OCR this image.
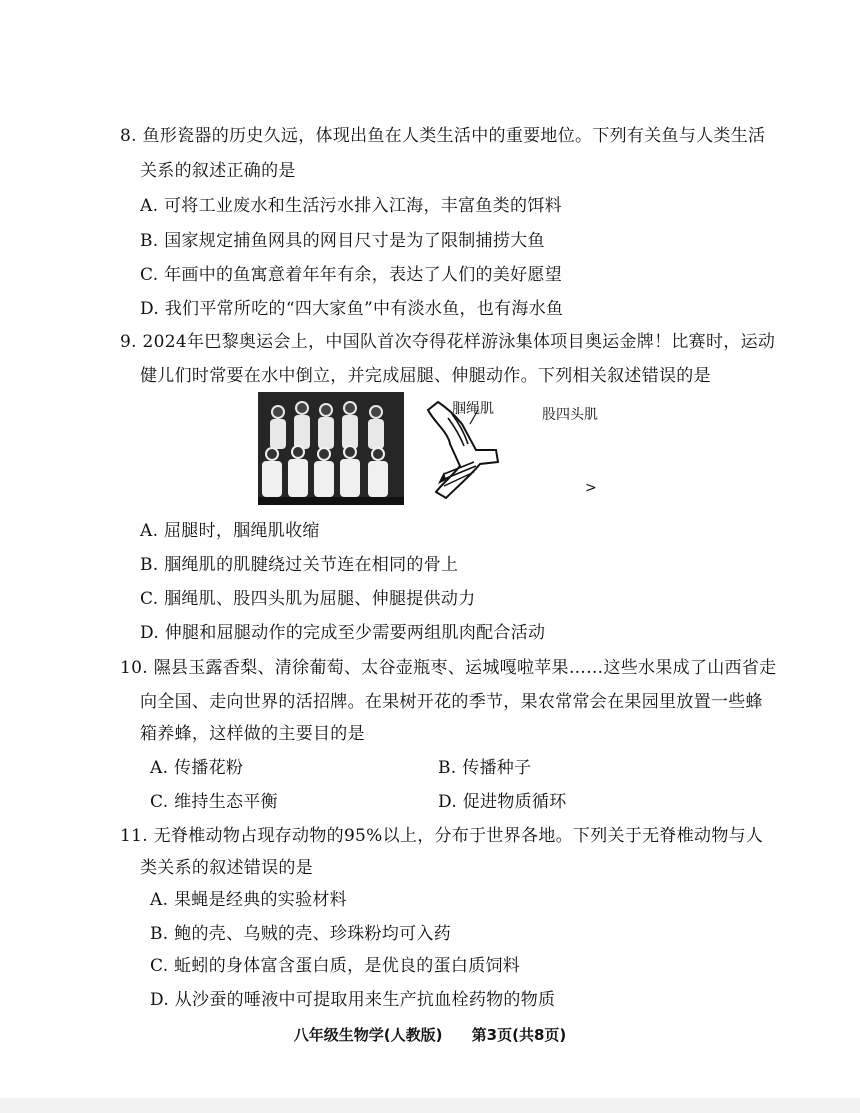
8. 鱼形瓷器的历史久远，体现出鱼在人类生活中的重要地位。下列有关鱼与人类生活
关系的叙述正确的是
A. 可将工业废水和生活污水排入江海，丰富鱼类的饵料
B. 国家规定捕鱼网具的网目尺寸是为了限制捕捞大鱼
C. 年画中的鱼寓意着年年有余，表达了人们的美好愿望
D. 我们平常所吃的“四大家鱼”中有淡水鱼，也有海水鱼
9. 2024年巴黎奥运会上，中国队首次夺得花样游泳集体项目奥运金牌！比赛时，运动
健儿们时常要在水中倒立，并完成屈腿、伸腿动作。下列相关叙述错误的是
腘绳肌	股四头肌
>
A. 屈腿时，腘绳肌收缩
B. 腘绳肌的肌腱绕过关节连在相同的骨上
C. 腘绳肌、股四头肌为屈腿、伸腿提供动力
D. 伸腿和屈腿动作的完成至少需要两组肌肉配合活动
10. 隰县玉露香梨、清徐葡萄、太谷壶瓶枣、运城嘎啦苹果……这些水果成了山西省走
向全国、走向世界的活招牌。在果树开花的季节，果农常常会在果园里放置一些蜂
箱养蜂，这样做的主要目的是
A. 传播花粉	B. 传播种子
C. 维持生态平衡	D. 促进物质循环
11. 无脊椎动物占现存动物的95%以上，分布于世界各地。下列关于无脊椎动物与人
类关系的叙述错误的是
A. 果蝇是经典的实验材料
B. 鲍的壳、乌贼的壳、珍珠粉均可入药
C. 蚯蚓的身体富含蛋白质，是优良的蛋白质饲料
D. 从沙蚕的唾液中可提取用来生产抗血栓药物的物质
八年级生物学(人教版) 第3页(共8页)
